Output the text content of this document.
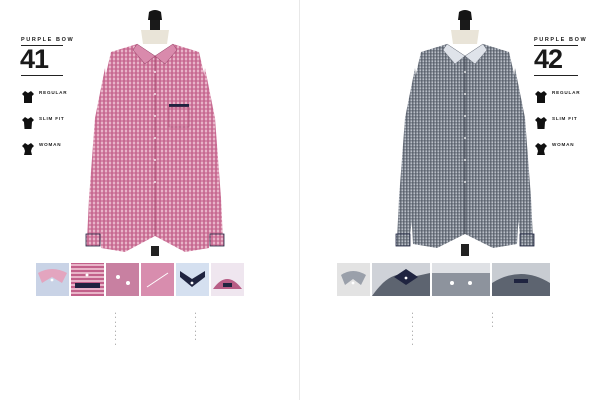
PURPLE BOW
41
REGULAR
SLIM FIT
WOMAN
•
•
•
•
•
•
•
•
•
•
•
•
•
•
•
PURPLE BOW
42
REGULAR
SLIM FIT
WOMAN
•
•
•
•
•
•
•
•
•
•
•
•
